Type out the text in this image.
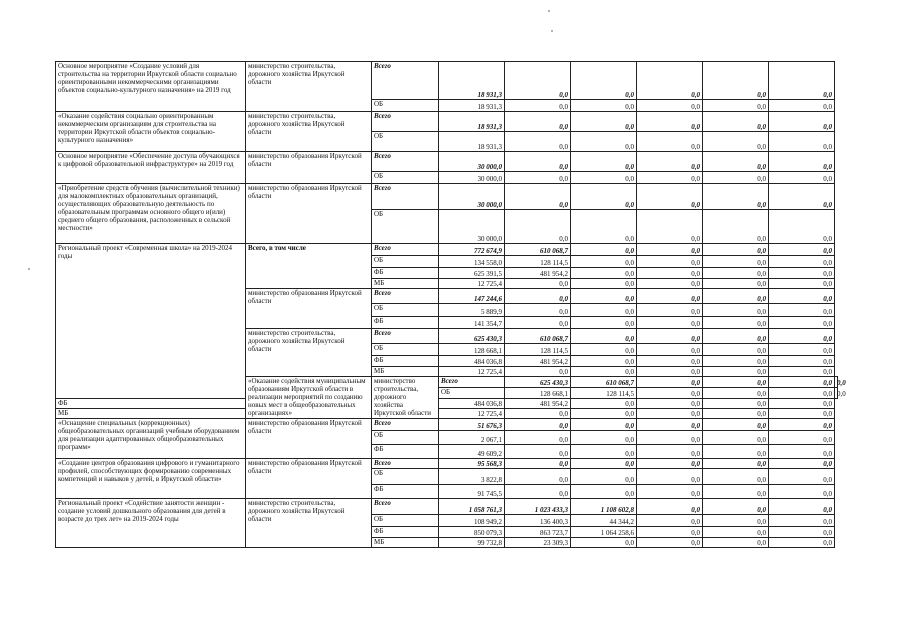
Основное мероприятие «Создание условий для строительства на территории Иркутской области социально ориентированными некоммерческими организациями объектов социально-культурного назначения» на 2019 год	министерство строительства, дорожного хозяйства Иркутской области	Всего	18 931,3	0,0	0,0	0,0	0,0	0,0	
		ОБ	18 931,3	0,0	0,0	0,0	0,0	0,0	
«Оказание содействия социально ориентированным некоммерческим организациям для строительства на территории Иркутской области объектов социально-культурного назначения»	министерство строительства, дорожного хозяйства Иркутской области	Всего	18 931,3	0,0	0,0	0,0	0,0	0,0	
		ОБ	18 931,3	0,0	0,0	0,0	0,0	0,0	
Основное мероприятие «Обеспечение доступа обучающихся к цифровой образовательной инфраструктуре» на 2019 год	министерство образования Иркутской области	Всего	30 000,0	0,0	0,0	0,0	0,0	0,0	
		ОБ	30 000,0	0,0	0,0	0,0	0,0	0,0	
«Приобретение средств обучения (вычислительной техники) для малокомплектных образовательных организаций, осуществляющих образовательную деятельность по образовательным программам основного общего и(или) среднего общего образования, расположенных в сельской местности»	министерство образования Иркутской области	Всего	30 000,0	0,0	0,0	0,0	0,0	0,0	
		ОБ	30 000,0	0,0	0,0	0,0	0,0	0,0	
Региональный проект «Современная школа» на 2019-2024 годы	Всего, в том числе	Всего	772 674,9	610 068,7	0,0	0,0	0,0	0,0	
		ОБ	134 558,0	128 114,5	0,0	0,0	0,0	0,0	
		ФБ	625 391,5	481 954,2	0,0	0,0	0,0	0,0	
		МБ	12 725,4	0,0	0,0	0,0	0,0	0,0	
	министерство образования Иркутской области	Всего	147 244,6	0,0	0,0	0,0	0,0	0,0	
		ОБ	5 889,9	0,0	0,0	0,0	0,0	0,0	
		ФБ	141 354,7	0,0	0,0	0,0	0,0	0,0	
	министерство строительства, дорожного хозяйства Иркутской области	Всего	625 430,3	610 068,7	0,0	0,0	0,0	0,0	
		ОБ	128 668,1	128 114,5	0,0	0,0	0,0	0,0	
		ФБ	484 036,8	481 954,2	0,0	0,0	0,0	0,0	
		МБ	12 725,4	0,0	0,0	0,0	0,0	0,0	
	«Оказание содействия муниципальным образованиям Иркутской области в реализации мероприятий по созданию новых мест в общеобразовательных организациях»	министерство строительства, дорожного хозяйства Иркутской области	Всего	625 430,3	610 068,7	0,0	0,0	0,0	0,0
			ОБ	128 668,1	128 114,5	0,0	0,0	0,0	0,0
ФБ			484 036,8	481 954,2	0,0	0,0	0,0	0,0	
МБ			12 725,4	0,0	0,0	0,0	0,0	0,0	
«Оснащение специальных (коррекционных) общеобразовательных организаций учебным оборудованием для реализации адаптированных общеобразовательных программ»	министерство образования Иркутской области	Всего	51 676,3	0,0	0,0	0,0	0,0	0,0	
		ОБ	2 067,1	0,0	0,0	0,0	0,0	0,0	
		ФБ	49 609,2	0,0	0,0	0,0	0,0	0,0	
«Создание центров образования цифрового и гуманитарного профилей, способствующих формированию современных компетенций и навыков у детей, в Иркутской области»	министерство образования Иркутской области	Всего	95 568,3	0,0	0,0	0,0	0,0	0,0	
		ОБ	3 822,8	0,0	0,0	0,0	0,0	0,0	
		ФБ	91 745,5	0,0	0,0	0,0	0,0	0,0	
Региональный проект «Содействие занятости женщин - создание условий дошкольного образования для детей в возрасте до трех лет» на 2019-2024 годы	министерство строительства, дорожного хозяйства Иркутской области	Всего	1 058 761,3	1 023 433,3	1 108 602,8	0,0	0,0	0,0	
		ОБ	108 949,2	136 400,3	44 344,2	0,0	0,0	0,0	
		ФБ	850 079,3	863 723,7	1 064 258,6	0,0	0,0	0,0	
		МБ	99 732,8	23 309,3	0,0	0,0	0,0	0,0	
